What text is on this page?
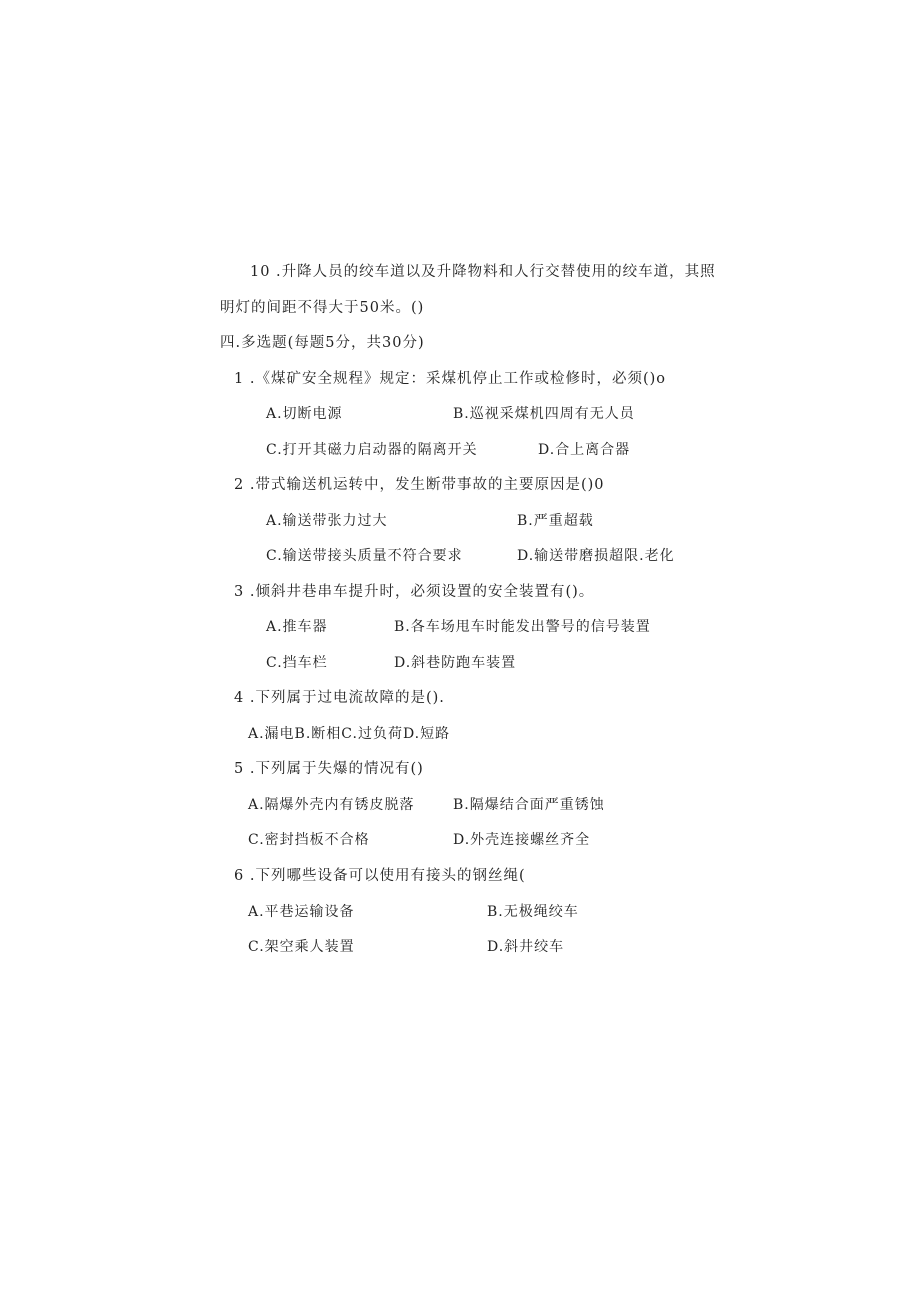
10 .升降人员的绞车道以及升降物料和人行交替使用的绞车道，其照
明灯的间距不得大于50米。()
四.多选题(每题5分，共30分)
1 .《煤矿安全规程》规定：采煤机停止工作或检修时，必须()o
A.切断电源	B.巡视采煤机四周有无人员
C.打开其磁力启动器的隔离开关	D.合上离合器
2 .带式输送机运转中，发生断带事故的主要原因是()0
A.输送带张力过大	B.严重超载
C.输送带接头质量不符合要求	D.输送带磨损超限.老化
3 .倾斜井巷串车提升时，必须设置的安全装置有()。
A.推车器	B.各车场甩车时能发出警号的信号装置
C.挡车栏	D.斜巷防跑车装置
4 .下列属于过电流故障的是().
A.漏电B.断相C.过负荷D.短路
5 .下列属于失爆的情况有()
A.隔爆外壳内有锈皮脱落	B.隔爆结合面严重锈蚀
C.密封挡板不合格	D.外壳连接螺丝齐全
6 .下列哪些设备可以使用有接头的钢丝绳(
A.平巷运输设备	B.无极绳绞车
C.架空乘人装置	D.斜井绞车
